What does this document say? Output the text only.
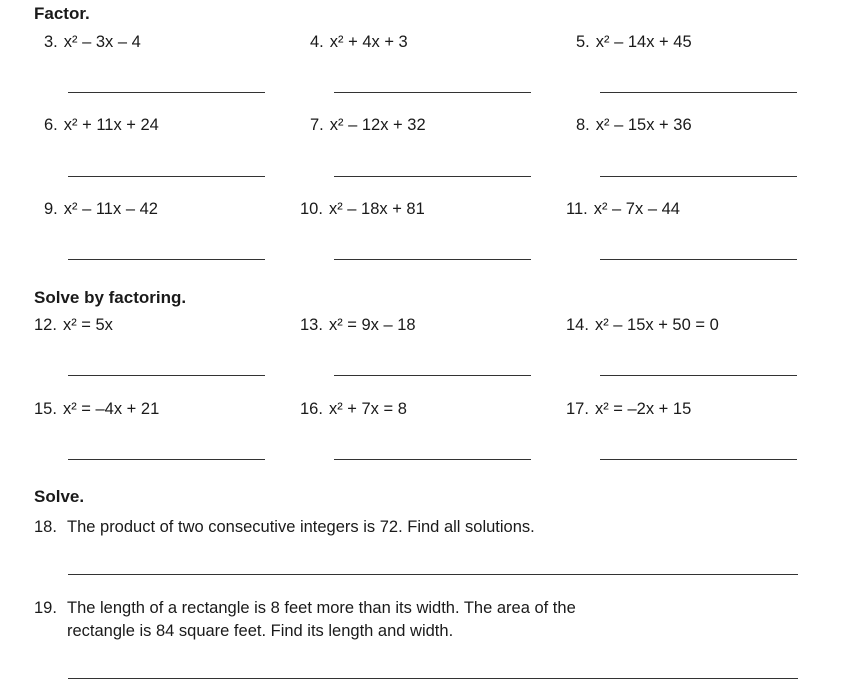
Factor.
3. x² – 3x – 4	4. x² + 4x + 3	5. x² – 14x + 45
6. x² + 11x + 24	7. x² – 12x + 32	8. x² – 15x + 36
9. x² – 11x – 42	10. x² – 18x + 81	11. x² – 7x – 44
Solve by factoring.
12. x² = 5x	13. x² = 9x – 18	14. x² – 15x + 50 = 0
15. x² = –4x + 21	16. x² + 7x = 8	17. x² = –2x + 15
Solve.
18. The product of two consecutive integers is 72. Find all solutions.
19. The length of a rectangle is 8 feet more than its width. The area of the
rectangle is 84 square feet. Find its length and width.
